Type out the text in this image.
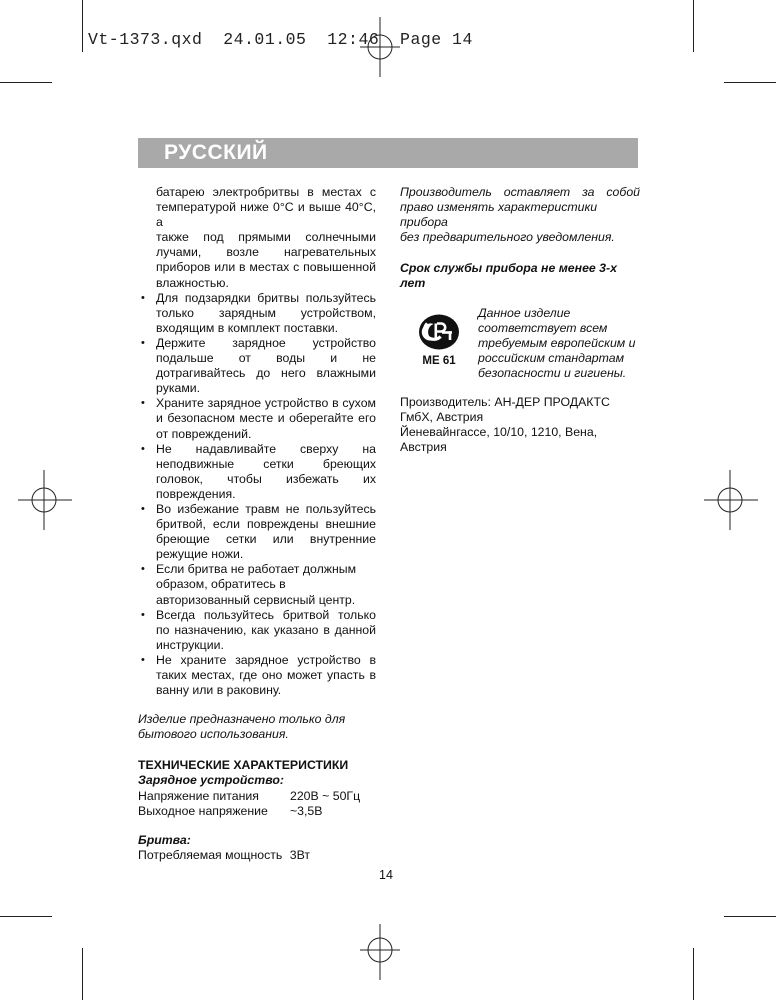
Vt-1373.qxd  24.01.05  12:46  Page 14
РУССКИЙ
батарею электробритвы в местах с
температурой ниже 0°С и выше 40°С, а
также под прямыми солнечными
лучами, возле нагревательных
приборов или в местах с повышенной
влажностью.
• Для подзарядки бритвы пользуйтесь
только зарядным устройством,
входящим в комплект поставки.
• Держите зарядное устройство
подальше от воды и не
дотрагивайтесь до него влажными
руками.
• Храните зарядное устройство в сухом
и безопасном месте и оберегайте его
от повреждений.
• Не надавливайте сверху на
неподвижные сетки бреющих
головок, чтобы избежать их
повреждения.
• Во избежание травм не пользуйтесь
бритвой, если повреждены внешние
бреющие сетки или внутренние
режущие ножи.
• Если бритва не работает должным
образом, обратитесь в
авторизованный сервисный центр.
• Всегда пользуйтесь бритвой только
по назначению, как указано в данной
инструкции.
• Не храните зарядное устройство в
таких местах, где оно может упасть в
ванну или в раковину.
Изделие предназначено только для
бытового использования.
ТЕХНИЧЕСКИЕ ХАРАКТЕРИСТИКИ
Зарядное устройство:
Напряжение питания	220В ~ 50Гц
Выходное напряжение	~3,5В
Бритва:
Потребляемая мощность 3Вт
Производитель оставляет за собой
право изменять характеристики прибора
без предварительного уведомления.
Срок службы прибора не менее 3-х
лет
МЕ 61
Данное изделие
соответствует всем
требуемым европейским и
российским стандартам
безопасности и гигиены.
Производитель: АН-ДЕР ПРОДАКТС
ГмбХ, Австрия
Йеневайнгассе, 10/10, 1210, Вена,
Австрия
14
